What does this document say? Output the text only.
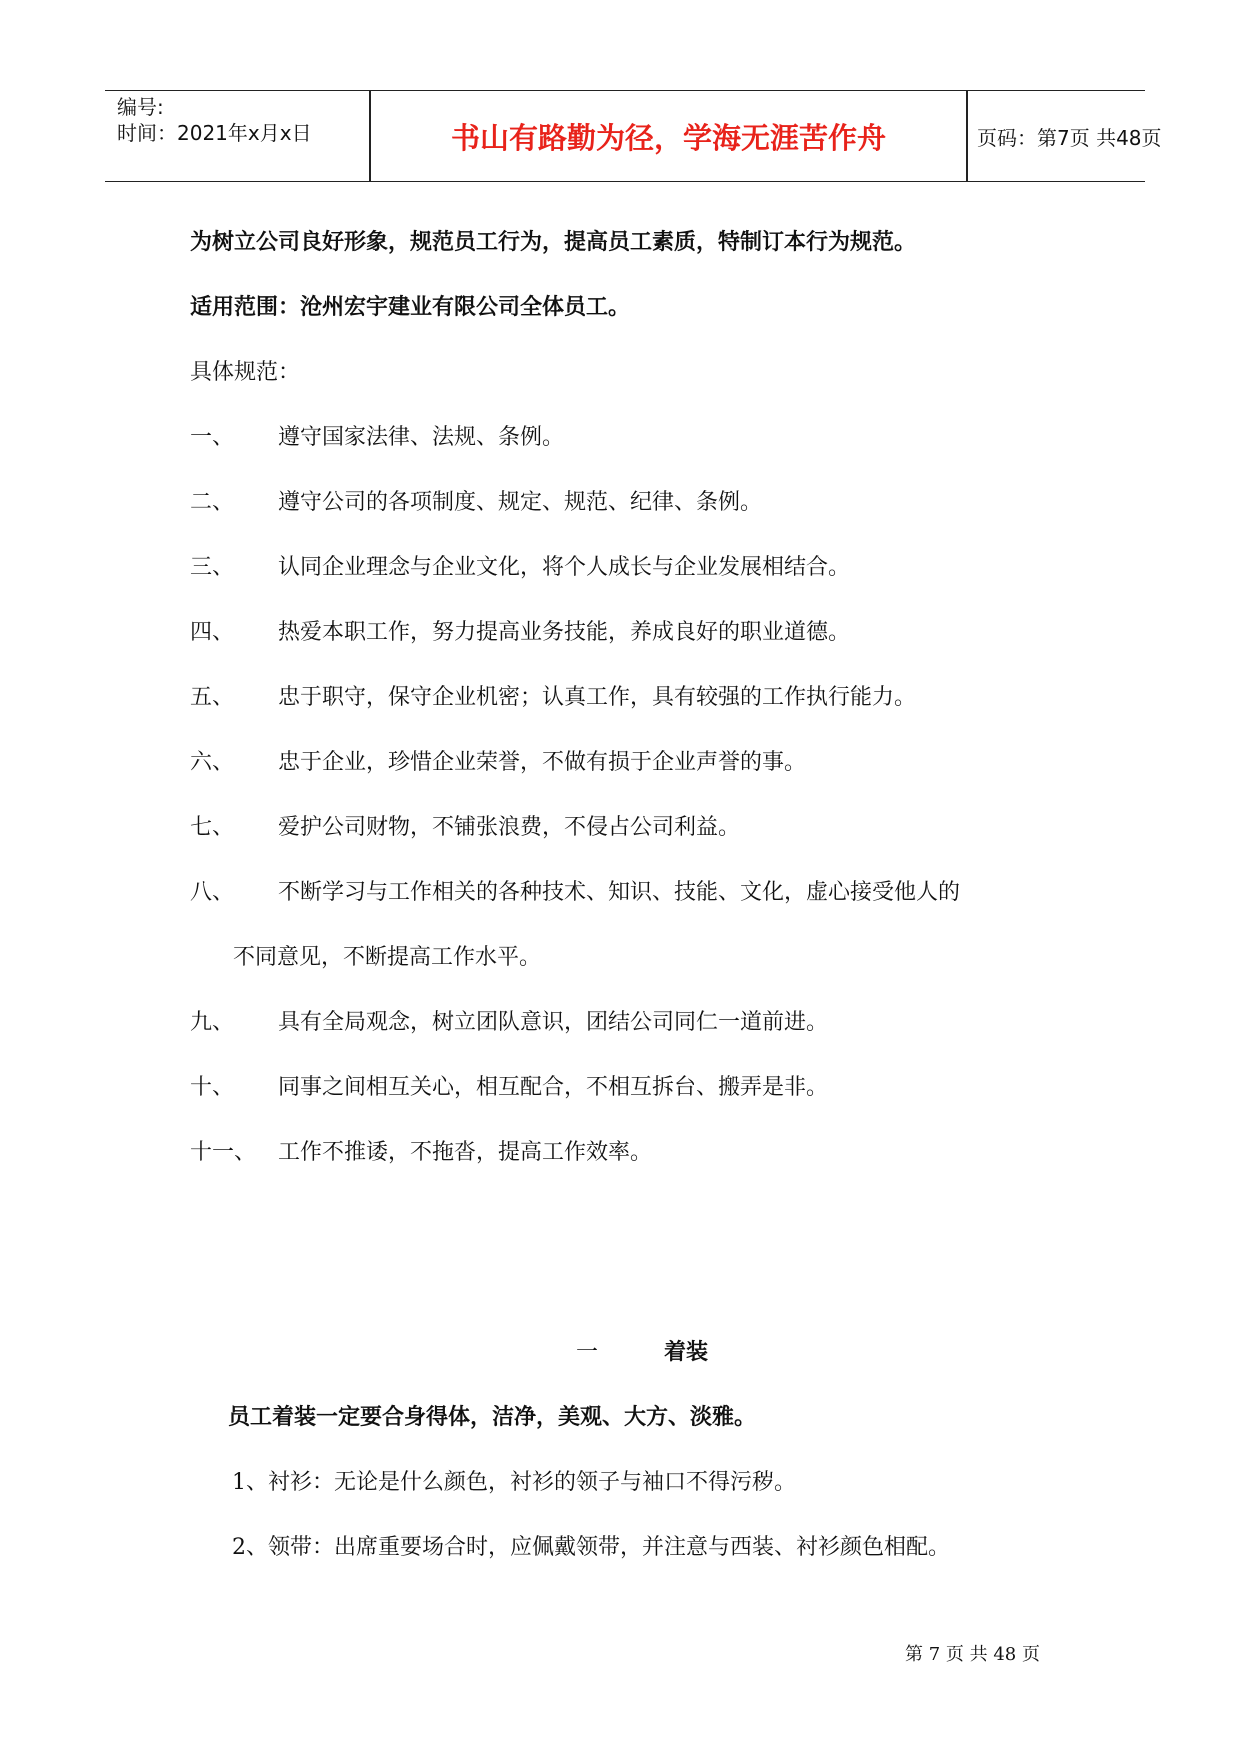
编号:
时间：2021年x月x日	书山有路勤为径，学海无涯苦作舟	页码：第7页 共48页
为树立公司良好形象，规范员工行为，提高员工素质，特制订本行为规范。
适用范围：沧州宏宇建业有限公司全体员工。
具体规范：
一、 遵守国家法律、法规、条例。
二、 遵守公司的各项制度、规定、规范、纪律、条例。
三、 认同企业理念与企业文化，将个人成长与企业发展相结合。
四、 热爱本职工作，努力提高业务技能，养成良好的职业道德。
五、 忠于职守，保守企业机密；认真工作，具有较强的工作执行能力。
六、 忠于企业，珍惜企业荣誉，不做有损于企业声誉的事。
七、 爱护公司财物，不铺张浪费，不侵占公司利益。
八、 不断学习与工作相关的各种技术、知识、技能、文化，虚心接受他人的
不同意见，不断提高工作水平。
九、 具有全局观念，树立团队意识，团结公司同仁一道前进。
十、 同事之间相互关心，相互配合，不相互拆台、搬弄是非。
十一、 工作不推诿，不拖沓，提高工作效率。
一	着装
员工着装一定要合身得体，洁净，美观、大方、淡雅。
1、衬衫：无论是什么颜色，衬衫的领子与袖口不得污秽。
2、领带：出席重要场合时，应佩戴领带，并注意与西装、衬衫颜色相配。
第 7 页 共 48 页
